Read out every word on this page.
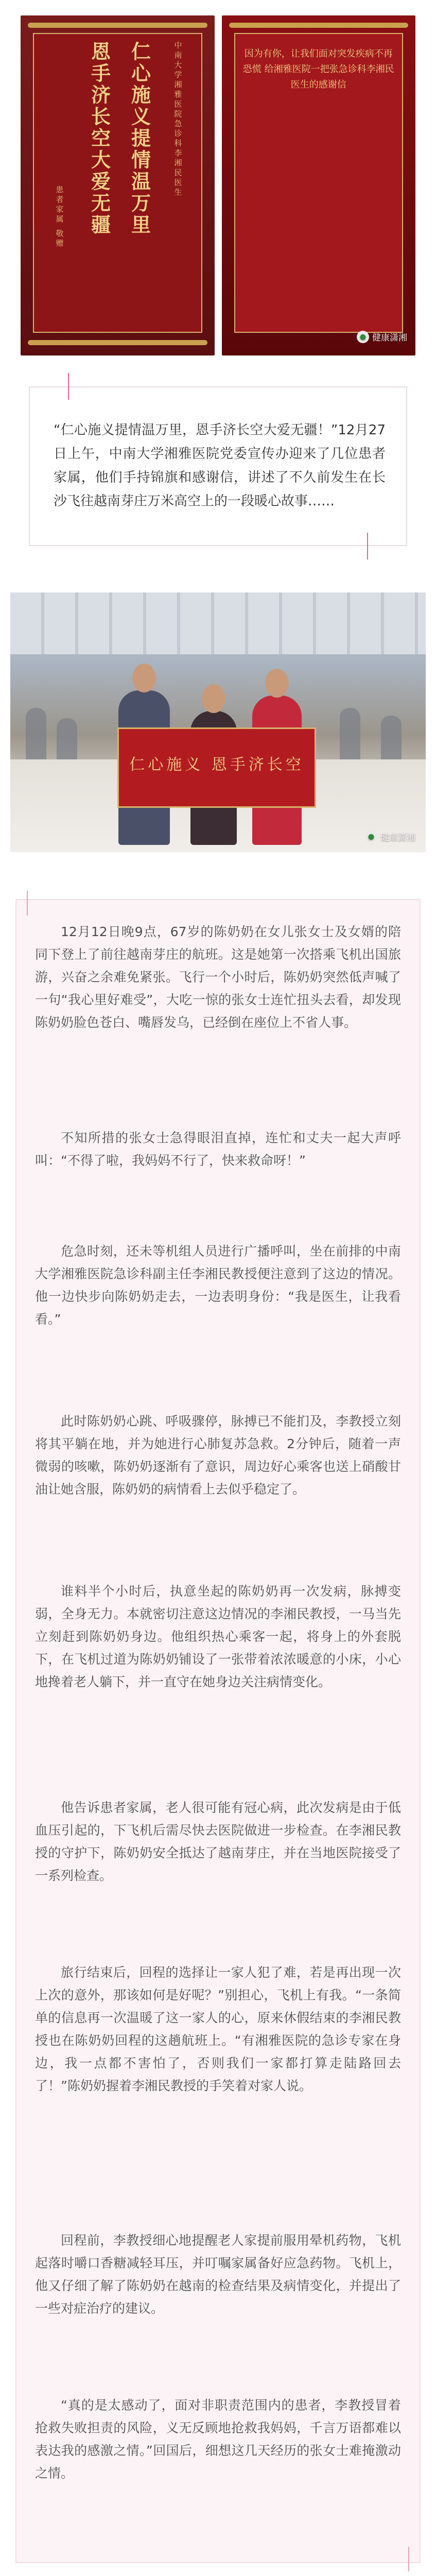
中南大学湘雅医院急诊科李湘民医生
仁心施义提情温万里
恩手济长空大爱无疆
患者家属 敬赠
因为有你，让我们面对突发疾病不再恐慌 给湘雅医院一把张急诊科李湘民医生的感谢信
● 健康潇湘
“仁心施义提情温万里，恩手济长空大爱无疆！”12月27日上午，中南大学湘雅医院党委宣传办迎来了几位患者家属，他们手持锦旗和感谢信，讲述了不久前发生在长沙飞往越南芽庄万米高空上的一段暖心故事……
仁心施义 恩手济长空
● 健康潇湘

12月12日晚9点，67岁的陈奶奶在女儿张女士及女婿的陪同下登上了前往越南芽庄的航班。这是她第一次搭乘飞机出国旅游，兴奋之余难免紧张。飞行一个小时后，陈奶奶突然低声喊了一句“我心里好难受”，大吃一惊的张女士连忙扭头去看，却发现陈奶奶脸色苍白、嘴唇发乌，已经倒在座位上不省人事。

不知所措的张女士急得眼泪直掉，连忙和丈夫一起大声呼叫：“不得了啦，我妈妈不行了，快来救命呀！”

危急时刻，还未等机组人员进行广播呼叫，坐在前排的中南大学湘雅医院急诊科副主任李湘民教授便注意到了这边的情况。他一边快步向陈奶奶走去，一边表明身份：“我是医生，让我看看。”

此时陈奶奶心跳、呼吸骤停，脉搏已不能扪及，李教授立刻将其平躺在地，并为她进行心肺复苏急救。2分钟后，随着一声微弱的咳嗽，陈奶奶逐渐有了意识，周边好心乘客也送上硝酸甘油让她含服，陈奶奶的病情看上去似乎稳定了。

谁料半个小时后，执意坐起的陈奶奶再一次发病，脉搏变弱，全身无力。本就密切注意这边情况的李湘民教授，一马当先立刻赶到陈奶奶身边。他组织热心乘客一起，将身上的外套脱下，在飞机过道为陈奶奶铺设了一张带着浓浓暖意的小床，小心地搀着老人躺下，并一直守在她身边关注病情变化。

他告诉患者家属，老人很可能有冠心病，此次发病是由于低血压引起的，下飞机后需尽快去医院做进一步检查。在李湘民教授的守护下，陈奶奶安全抵达了越南芽庄，并在当地医院接受了一系列检查。

旅行结束后，回程的选择让一家人犯了难，若是再出现一次上次的意外，那该如何是好呢？”别担心，飞机上有我。“一条简单的信息再一次温暖了这一家人的心，原来休假结束的李湘民教授也在陈奶奶回程的这趟航班上。“有湘雅医院的急诊专家在身边，我一点都不害怕了，否则我们一家都打算走陆路回去了！”陈奶奶握着李湘民教授的手笑着对家人说。

回程前，李教授细心地提醒老人家提前服用晕机药物，飞机起落时嚼口香糖减轻耳压，并叮嘱家属备好应急药物。飞机上，他又仔细了解了陈奶奶在越南的检查结果及病情变化，并提出了一些对症治疗的建议。

“真的是太感动了，面对非职责范围内的患者，李教授冒着抢救失败担责的风险，义无反顾地抢救我妈妈，千言万语都难以表达我的感激之情。”回国后，细想这几天经历的张女士难掩激动之情。
